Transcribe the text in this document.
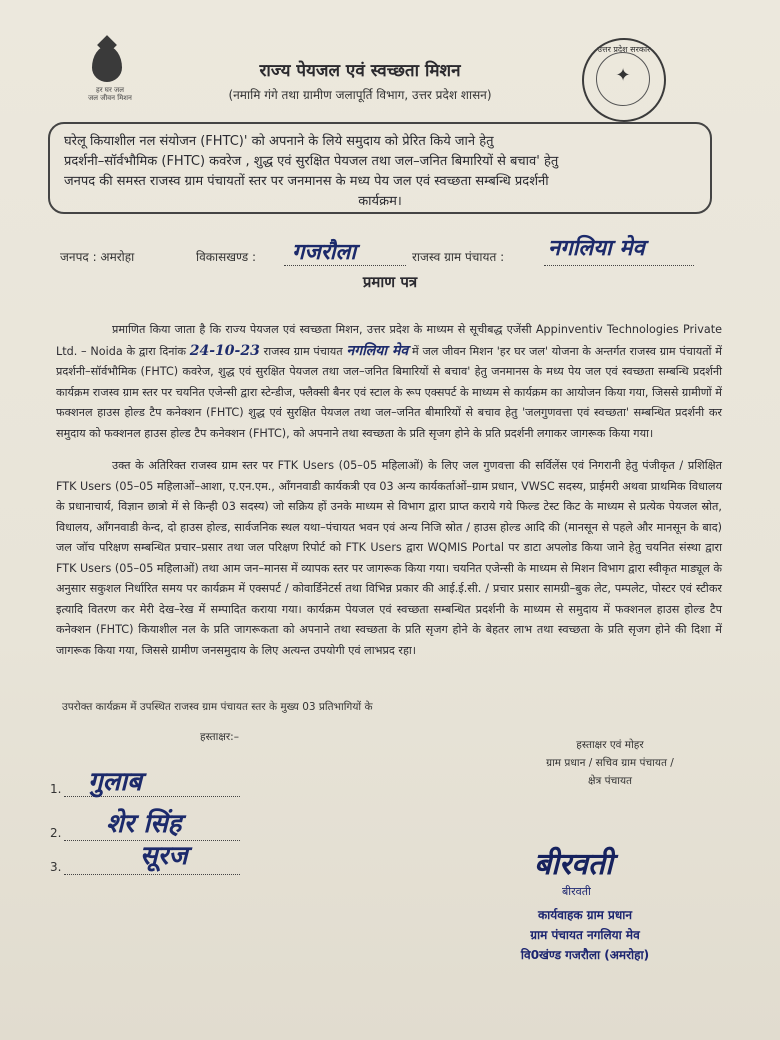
हर घर जल
जल जीवन मिशन
उत्तर प्रदेश सरकार
✦
राज्य पेयजल एवं स्वच्छता मिशन
(नमामि गंगे तथा ग्रामीण जलापूर्ति विभाग, उत्तर प्रदेश शासन)
घरेलू कियाशील नल संयोजन (FHTC)' को अपनाने के लिये समुदाय को प्रेरित किये जाने हेतु
प्रदर्शनी–सॉर्वभौमिक (FHTC) कवरेज , शुद्ध एवं सुरक्षित पेयजल तथा जल–जनित बिमारियों से बचाव' हेतु
जनपद की समस्त राजस्व ग्राम पंचायतों स्तर पर जनमानस के मध्य पेय जल एवं स्वच्छता सम्बन्धि प्रदर्शनी
कार्यक्रम।
जनपद : अमरोहा	विकासखण्ड : गजरौला	राजस्व ग्राम पंचायत : नगलिया मेव
प्रमाण पत्र
प्रमाणित किया जाता है कि राज्य पेयजल एवं स्वच्छता मिशन, उत्तर प्रदेश के माध्यम से सूचीबद्ध एजेंसी Appinventiv Technologies Private Ltd. – Noida के द्वारा दिनांक 24-10-23 राजस्व ग्राम पंचायत नगलिया मेव में जल जीवन मिशन 'हर घर जल' योजना के अन्तर्गत राजस्व ग्राम पंचायतों में प्रदर्शनी–सॉर्वभौमिक (FHTC) कवरेज, शुद्ध एवं सुरक्षित पेयजल तथा जल–जनित बिमारियों से बचाव' हेतु जनमानस के मध्य पेय जल एवं स्वच्छता सम्बन्धि प्रदर्शनी कार्यक्रम राजस्व ग्राम स्तर पर चयनित एजेन्सी द्वारा स्टेन्डीज, फ्लैक्सी बैनर एवं स्टाल के रूप एक्सपर्ट के माध्यम से कार्यक्रम का आयोजन किया गया, जिससे ग्रामीणों में फक्शनल हाउस होल्ड टैप कनेक्शन (FHTC) शुद्ध एवं सुरक्षित पेयजल तथा जल–जनित बीमारियों से बचाव हेतु 'जलगुणवत्ता एवं स्वच्छता' सम्बन्धित प्रदर्शनी कर समुदाय को फक्शनल हाउस होल्ड टैप कनेक्शन (FHTC), को अपनाने तथा स्वच्छता के प्रति सृजग होने के प्रति प्रदर्शनी लगाकर जागरूक किया गया।
उक्त के अतिरिक्त राजस्व ग्राम स्तर पर FTK Users (05–05 महिलाओं) के लिए जल गुणवत्ता की सर्विलेंस एवं निगरानी हेतु पंजीकृत / प्रशिक्षित FTK Users (05–05 महिलाओं–आशा, ए.एन.एम., आँगनवाडी कार्यकत्री एव 03 अन्य कार्यकर्ताओं–ग्राम प्रधान, VWSC सदस्य, प्राईमरी अथवा प्राथमिक विधालय के प्रधानाचार्य, विज्ञान छात्रो में से किन्ही 03 सदस्य) जो सक्रिय हों उनके माध्यम से विभाग द्वारा प्राप्त कराये गये फिल्ड टेस्ट किट के माध्यम से प्रत्येक पेयजल स्रोत, विधालय, आँगनवाडी केन्द, दो हाउस होल्ड, सार्वजनिक स्थल यथा–पंचायत भवन एवं अन्य निजि स्रोत / हाउस होल्ड आदि की (मानसून से पहले और मानसून के बाद) जल जॉच परिक्षण सम्बन्धित प्रचार–प्रसार तथा जल परिक्षण रिपोर्ट को FTK Users द्वारा WQMIS Portal पर डाटा अपलोड किया जाने हेतु चयनित संस्था द्वारा FTK Users (05–05 महिलाओं) तथा आम जन–मानस में व्यापक स्तर पर जागरूक किया गया। चयनित एजेन्सी के माध्यम से मिशन विभाग द्वारा स्वीकृत माड्यूल के अनुसार सकुशल निर्धारित समय पर कार्यक्रम में एक्सपर्ट / कोवार्डिनेटर्स तथा विभिन्न प्रकार की आई.ई.सी. / प्रचार प्रसार सामग्री–बुक लेट, पम्पलेट, पोस्टर एवं स्टीकर इत्यादि वितरण कर मेरी देख–रेख में सम्पादित कराया गया। कार्यक्रम पेयजल एवं स्वच्छता सम्बन्धित प्रदर्शनी के माध्यम से समुदाय में फक्शनल हाउस होल्ड टैप कनेक्शन (FHTC) कियाशील नल के प्रति जागरूकता को अपनाने तथा स्वच्छता के प्रति सृजग होने के बेहतर लाभ तथा स्वच्छता के प्रति सृजग होने की दिशा में जागरूक किया गया, जिससे ग्रामीण जनसमुदाय के लिए अत्यन्त उपयोगी एवं लाभप्रद रहा।
उपरोक्त कार्यक्रम में उपस्थित राजस्व ग्राम पंचायत स्तर के मुख्य 03 प्रतिभागियों के
हस्ताक्षर:–
1. गुलाब
2. शेर सिंह
3.	सूरज
हस्ताक्षर एवं मोहर
ग्राम प्रधान / सचिव ग्राम पंचायत /
क्षेत्र पंचायत
बीरवती
बीरवती
कार्यवाहक ग्राम प्रधान
ग्राम पंचायत नगलिया मेव
वि0खंण्ड गजरौला (अमरोहा)
